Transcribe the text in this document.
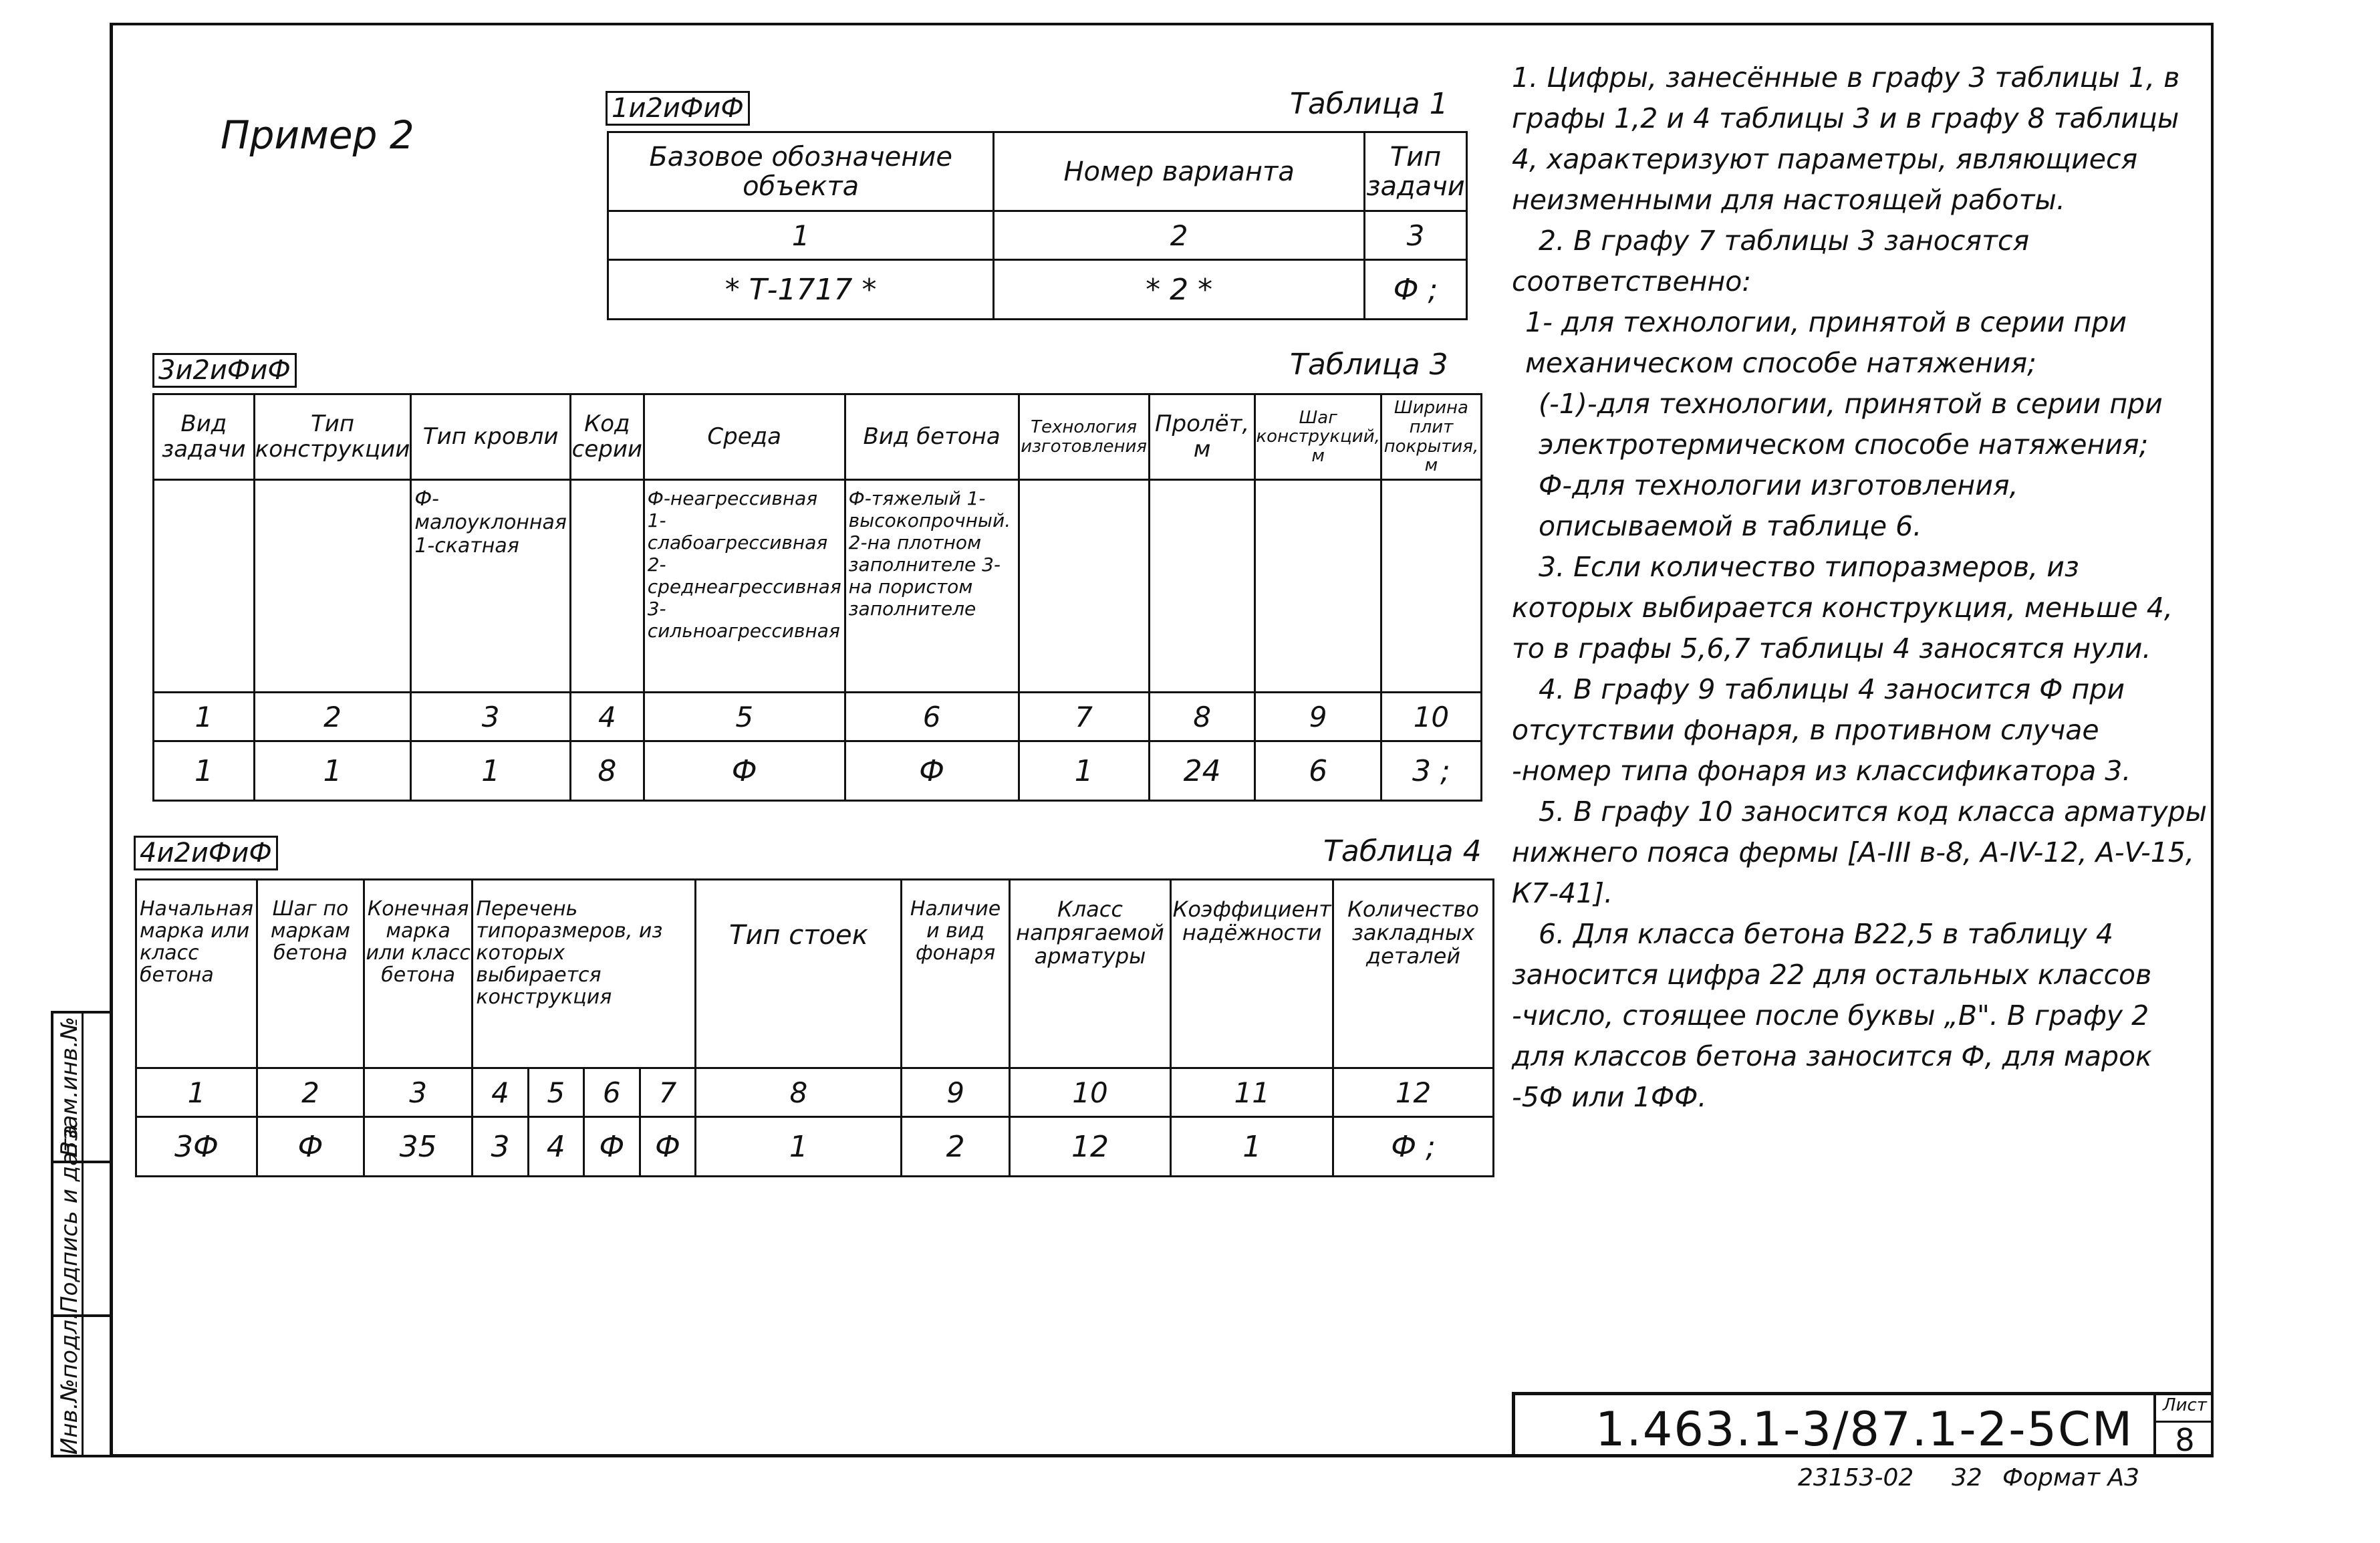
Взам.инв.№
Подпись и дата
Инв.№подл.
Пример 2
1и2иФиФ	Таблица 1
Базовое обозначение объекта	Номер варианта	Тип задачи
1	2	3
* Т-1717 *	* 2 *	Ф ;
3и2иФиФ	Таблица 3
Вид задачи	Тип конструкции	Тип кровли	Код серии	Среда	Вид бетона	Технология изготовления	Пролёт, м	Шаг конструкций, м	Ширина плит покрытия, м
		Ф-малоуклонная 1-скатная		Ф-неагрессивная 1-слабоагрессивная 2-среднеагрессивная 3-сильноагрессивная	Ф-тяжелый 1-высокопрочный. 2-на плотном заполнителе 3-на пористом заполнителе				
1	2	3	4	5	6	7	8	9	10
1	1	1	8	Ф	Ф	1	24	6	3 ;
4и2иФиФ	Таблица 4
Начальная марка или класс бетона	Шаг по маркам бетона	Конечная марка или класс бетона	Перечень типоразмеров, из которых выбирается конструкция				Тип стоек	Наличие и вид фонаря	Класс напрягаемой арматуры	Коэффициент надёжности	Количество закладных деталей
1	2	3	4	5	6	7	8	9	10	11	12
3Ф	Ф	35	3	4	Ф	Ф	1	2	12	1	Ф ;

1. Цифры, занесённые в графу 3 таблицы 1, в графы 1,2 и 4 таблицы 3 и в графу 8 таблицы 4, характеризуют параметры, являющиеся неизменными для настоящей работы.

2. В графу 7 таблицы 3 заносятся соответственно:

1- для технологии, принятой в серии при механическом способе натяжения;

(-1)-для технологии, принятой в серии при электротермическом способе натяжения;

Ф-для технологии изготовления, описываемой в таблице 6.

3. Если количество типоразмеров, из которых выбирается конструкция, меньше 4, то в графы 5,6,7 таблицы 4 заносятся нули.

4. В графу 9 таблицы 4 заносится Ф при отсутствии фонаря, в противном случае -номер типа фонаря из классификатора 3.

5. В графу 10 заносится код класса арматуры нижнего пояса фермы [А-III в-8, А-IV-12, А-V-15, К7-41].

6. Для класса бетона В22,5 в таблицу 4 заносится цифра 22 для остальных классов -число, стоящее после буквы „В". В графу 2 для классов бетона заносится Ф, для марок -5Ф или 1ФФ.

1.463.1-3/87.1-2-5СМ	Лист
8
23153-02 32 Формат А3
